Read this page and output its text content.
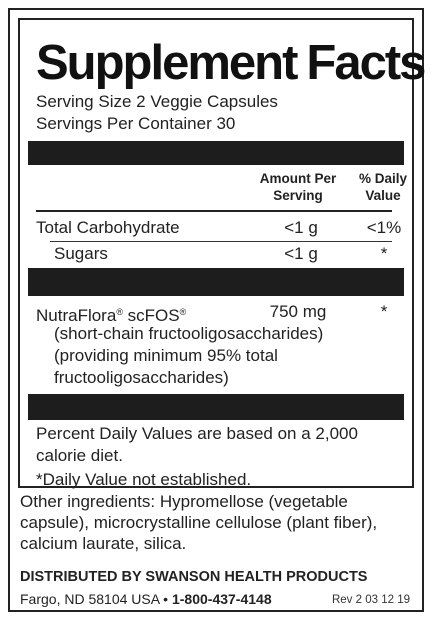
Supplement Facts
Serving Size 2 Veggie Capsules
Servings Per Container 30
Amount Per
Serving
% Daily
Value
Total Carbohydrate	<1 g	<1%
Sugars	<1 g	*
NutraFlora® scFOS®	750 mg	*
(short-chain fructooligosaccharides)
(providing minimum 95% total
fructooligosaccharides)
Percent Daily Values are based on a 2,000
calorie diet.
*Daily Value not established.
Other ingredients: Hypromellose (vegetable capsule), microcrystalline cellulose (plant fiber), calcium laurate, silica.
DISTRIBUTED BY SWANSON HEALTH PRODUCTS
Fargo, ND 58104 USA • 1-800-437-4148	Rev 2 03 12 19
